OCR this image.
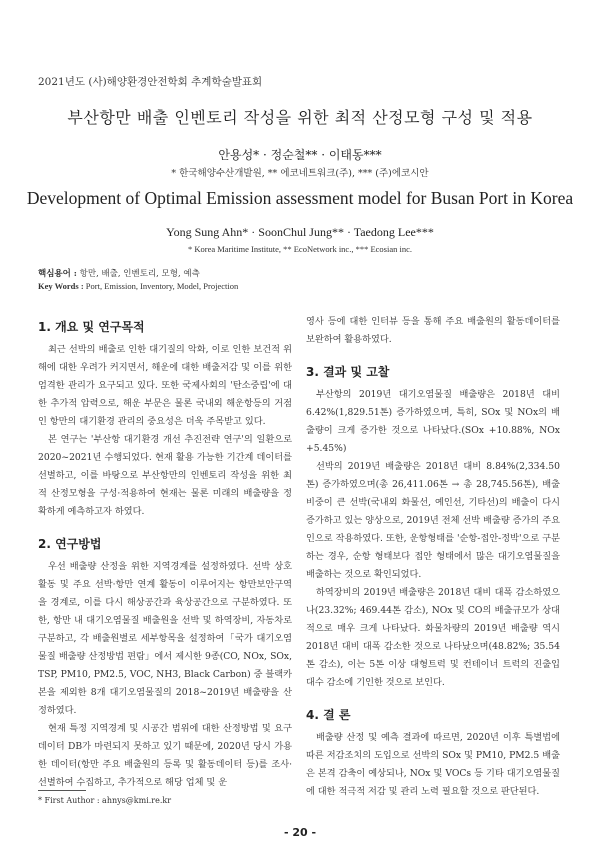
2021년도 (사)해양환경안전학회 추계학술발표회
부산항만 배출 인벤토리 작성을 위한 최적 산정모형 구성 및 적용
안용성* · 정순철** · 이태동***
* 한국해양수산개발원, ** 에코네트워크(주), *** (주)에코시안
Development of Optimal Emission assessment model for Busan Port in Korea
Yong Sung Ahn* · SoonChul Jung** · Taedong Lee***
* Korea Maritime Institute, ** EcoNetwork inc., *** Ecosian inc.
핵심용어 : 항만, 배출, 인벤토리, 모형, 예측
Key Words : Port, Emission, Inventory, Model, Projection
1. 개요 및 연구목적

최근 선박의 배출로 인한 대기질의 악화, 이로 인한 보건적 위해에 대한 우려가 커지면서, 해운에 대한 배출저감 및 이를 위한 엄격한 관리가 요구되고 있다. 또한 국제사회의 '탄소중립'에 대한 추가적 압력으로, 해운 부문은 물론 국내외 해운항등의 거점인 항만의 대기환경 관리의 중요성은 더욱 주목받고 있다.

본 연구는 '부산항 대기환경 개선 추진전략 연구'의 일환으로 2020~2021년 수행되었다. 현재 활용 가능한 기간계 데이터를 선별하고, 이를 바탕으로 부산항만의 인벤토리 작성을 위한 최적 산정모형을 구성·적용하여 현재는 물론 미래의 배출량을 정확하게 예측하고자 하였다.

2. 연구방법

우선 배출량 산정을 위한 지역경계를 설정하였다. 선박 상호활동 및 주요 선박·항만 연계 활동이 이루어지는 항만보안구역을 경계로, 이를 다시 해상공간과 육상공간으로 구분하였다. 또한, 항만 내 대기오염물질 배출원을 선박 및 하역장비, 자동차로 구분하고, 각 배출원별로 세부항목을 설정하여「국가 대기오염물질 배출량 산정방법 편람」에서 제시한 9종(CO, NOx, SOx, TSP, PM10, PM2.5, VOC, NH3, Black Carbon) 중 블랙카본을 제외한 8개 대기오염물질의 2018~2019년 배출량을 산정하였다.

현재 특정 지역경계 및 시공간 범위에 대한 산정방법 및 요구 데이터 DB가 마련되지 못하고 있기 때문에, 2020년 당시 가용한 데이터(항만 주요 배출원의 등록 및 활동데이터 등)를 조사·선별하여 수집하고, 추가적으로 해당 업체 및 운

영사 등에 대한 인터뷰 등을 통해 주요 배출원의 활동데이터를 보완하여 활용하였다.

3. 결과 및 고찰

부산항의 2019년 대기오염물질 배출량은 2018년 대비 6.42%(1,829.51톤) 증가하였으며, 특히, SOx 및 NOx의 배출량이 크게 증가한 것으로 나타났다.(SOx +10.88%, NOx +5.45%)

선박의 2019년 배출량은 2018년 대비 8.84%(2,334.50톤) 증가하였으며(총 26,411.06톤 → 총 28,745.56톤), 배출 비중이 큰 선박(국내외 화물선, 예인선, 기타선)의 배출이 다시 증가하고 있는 양상으로, 2019년 전체 선박 배출량 증가의 주요인으로 작용하였다. 또한, 운항형태를 '순항-접안-정박'으로 구분하는 경우, 순항 형태보다 접안 형태에서 많은 대기오염물질을 배출하는 것으로 확인되었다.

하역장비의 2019년 배출량은 2018년 대비 대폭 감소하였으나(23.32%; 469.44톤 감소), NOx 및 CO의 배출규모가 상대적으로 매우 크게 나타났다. 화물차량의 2019년 배출량 역시 2018년 대비 대폭 감소한 것으로 나타났으며(48.82%; 35.54톤 감소), 이는 5톤 이상 대형트럭 및 컨테이너 트럭의 진출입 대수 감소에 기인한 것으로 보인다.

4. 결 론

배출량 산정 및 예측 결과에 따르면, 2020년 이후 특별법에 따른 저감조치의 도입으로 선박의 SOx 및 PM10, PM2.5 배출은 본격 감축이 예상되나, NOx 및 VOCs 등 기타 대기오염물질에 대한 적극적 저감 및 관리 노력 필요할 것으로 판단된다.

* First Author : ahnys@kmi.re.kr
- 20 -
